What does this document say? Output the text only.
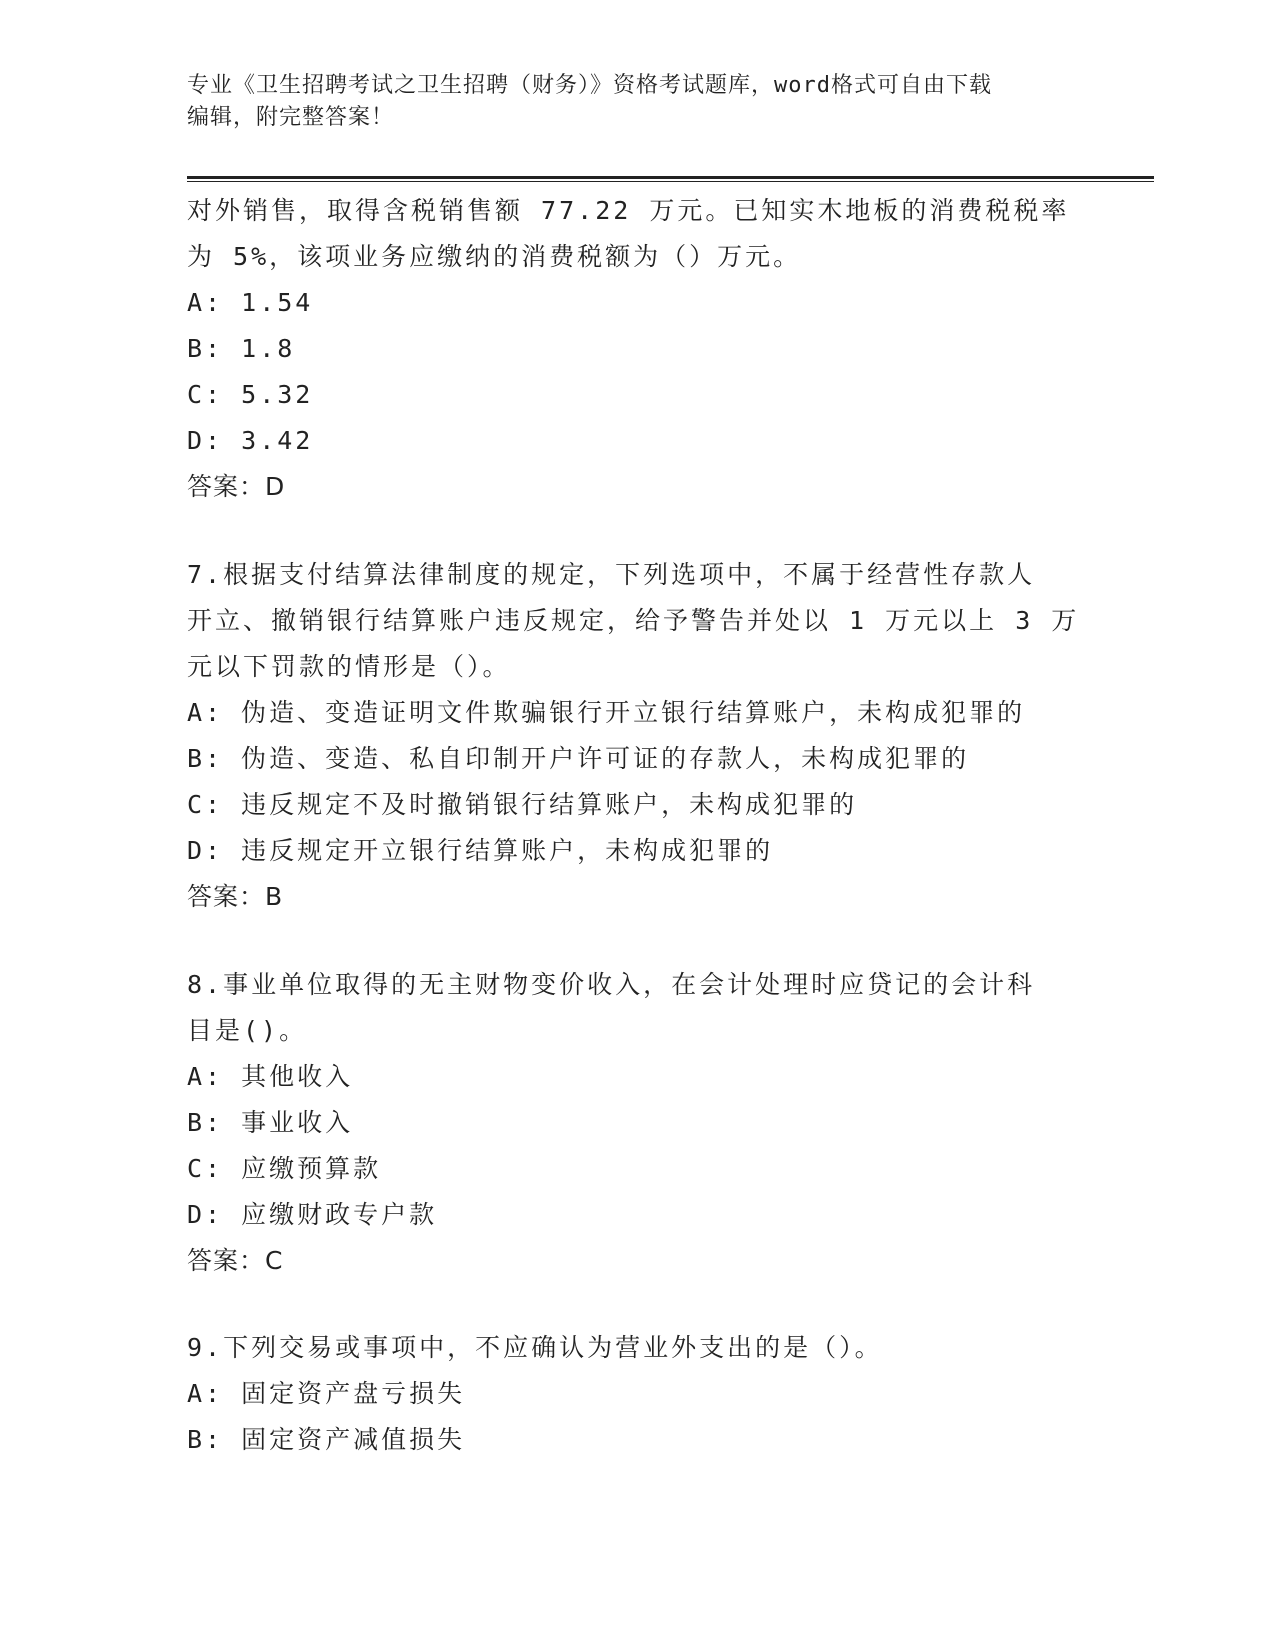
专业《卫生招聘考试之卫生招聘（财务）》资格考试题库，word格式可自由下载
编辑，附完整答案！
对外销售，取得含税销售额 77.22 万元。已知实木地板的消费税税率
为 5%，该项业务应缴纳的消费税额为（）万元。
A: 1.54
B: 1.8
C: 5.32
D: 3.42
答案：D
7.根据支付结算法律制度的规定，下列选项中，不属于经营性存款人
开立、撤销银行结算账户违反规定，给予警告并处以 1 万元以上 3 万
元以下罚款的情形是（）。
A: 伪造、变造证明文件欺骗银行开立银行结算账户，未构成犯罪的
B: 伪造、变造、私自印制开户许可证的存款人，未构成犯罪的
C: 违反规定不及时撤销银行结算账户，未构成犯罪的
D: 违反规定开立银行结算账户，未构成犯罪的
答案：B
8.事业单位取得的无主财物变价收入，在会计处理时应贷记的会计科
目是()。
A: 其他收入
B: 事业收入
C: 应缴预算款
D: 应缴财政专户款
答案：C
9.下列交易或事项中，不应确认为营业外支出的是（）。
A: 固定资产盘亏损失
B: 固定资产减值损失
